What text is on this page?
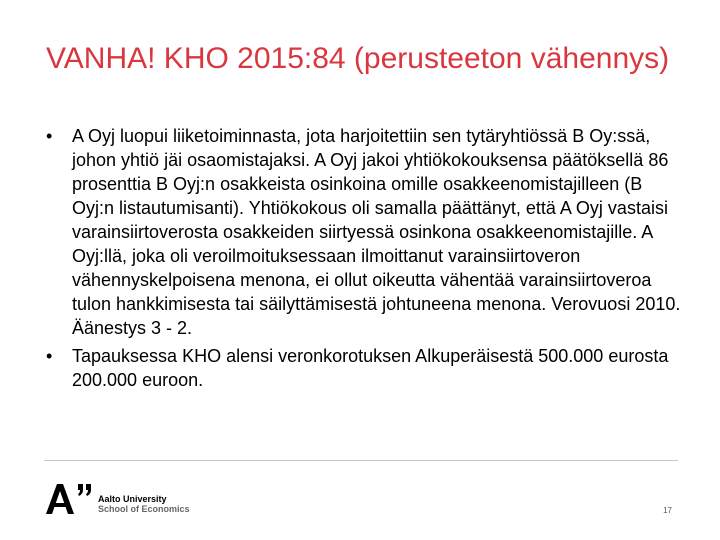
VANHA! KHO 2015:84 (perusteeton vähennys)
•	A Oyj luopui liiketoiminnasta, jota harjoitettiin sen tytäryhtiössä B Oy:ssä, johon yhtiö jäi osaomistajaksi. A Oyj jakoi yhtiökokouksensa päätöksellä 86 prosenttia B Oyj:n osakkeista osinkoina omille osakkeenomistajilleen (B Oyj:n listautumisanti). Yhtiökokous oli samalla päättänyt, että A Oyj vastaisi varainsiirtoverosta osakkeiden siirtyessä osinkona osakkeenomistajille. A Oyj:llä, joka oli veroilmoituksessaan ilmoittanut varainsiirtoveron vähennyskelpoisena menona, ei ollut oikeutta vähentää varainsiirtoveroa tulon hankkimisesta tai säilyttämisestä johtuneena menona. Verovuosi 2010. Äänestys 3 - 2.
•	Tapauksessa KHO alensi veronkorotuksen Alkuperäisestä 500.000 eurosta 200.000 euroon.
Aalto University
School of Economics	17
